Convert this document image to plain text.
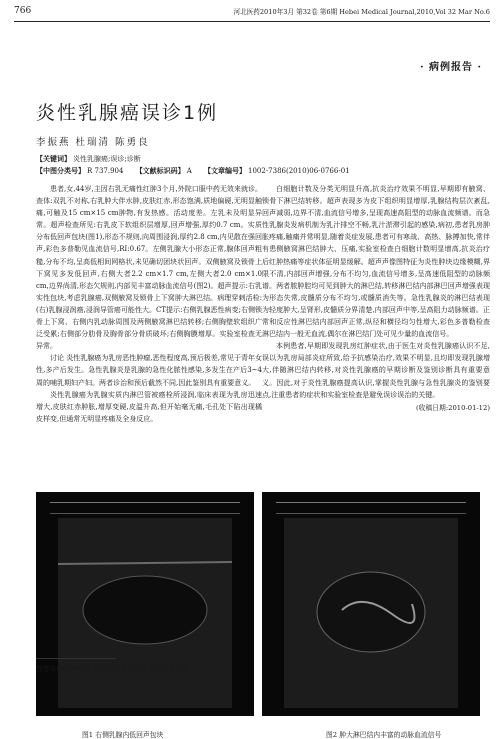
766	河北医药2010年3月 第32卷 第6期 Hebei Medical Journal,2010,Vol 32 Mar No.6
· 病例报告 ·
炎性乳腺癌误诊1例
李振燕 杜瑞清 陈勇良
【关键词】 炎性乳腺癌;误诊;诊断
【中图分类号】 R 737.904 【文献标识码】 A 【文章编号】 1002-7386(2010)06-0766-01

患者,女,44岁,主因右乳无痛性红肿3个月,外院口服中药无效来就诊。查体:双乳不对称,右乳肿大伴水肿,皮肤红赤,形态饱满,质地偏硬,无明显触痛,可触及15 cm×15 cm肿物,有发热感。活动度差。左乳未及明显异常。超声检查所见:右乳皮下软组织层增厚,回声增强,厚约0.7 cm。实质分布低回声包块(图1),形态不规则,向周围浸润,厚约2.8 cm,内见散在强回声,彩色多普勒见血流信号,RI:0.67。左侧乳腺大小形态正常,腺体回声粗糙,分布不均,呈高低相间网格状,未见确切团块状回声。双侧腋窝及锁骨上下窝见多发低回声,右侧大者2.2 cm×1.7 cm,左侧大者2.0 cm×1.0 cm,边界尚清,形态欠规则,内部见丰富动脉血流信号(图2)。超声提示:右乳实性包块,考虑乳腺癌,双侧腋窝及锁骨上下窝肿大淋巴结。病理穿刺活检:(右)乳腺浸润癌,浸润导管癌可能性大。CT提示:右侧乳腺恶性病变;右侧锁骨上下窝、右侧内乳动脉周围及两侧腋窝淋巴结转移;右侧胸壁软组织广泛受累;右侧部分肋骨及胸骨部分骨质破坏;右侧胸膜增厚。实验室检查无异常。

讨论 炎性乳腺癌为乳房恶性肿瘤,恶性程度高,预后极差,常见于青年女性,多产后发生。急性乳腺炎是乳腺的急性化脓性感染,多发生在产后3~4周的哺乳期妇产妇。两者诊治和预后截然不同,因此鉴别具有重要意义。

炎性乳腺癌为乳腺实质内淋巴管被癌栓所浸润,临床表现为乳房迅速增大,皮肤红赤肿胀,增厚变硬,皮温升高,但开始毫无痛,毛孔处下陷出现橘皮样变,但通常无明显疼痛及全身反应。

白细胞计数及分类无明显升高,抗炎治疗效果不明显,早期即有腋窝、锁骨下淋巴结转移。超声表现多为皮下组织明显增厚,乳腺结构层次紊乱,回声减弱,边界不清,血流信号增多,呈现高速高阻型的动脉血流频谱。而急性乳腺炎发病机制为乳汁排空不畅,乳汁淤滞引起的感染,病初,患者乳房肿胀疼痛,触痛并常明显,随着炎症发展,患者可有寒战、高热、脉搏加快,常伴有患侧腋窝淋巴结肿大、压痛,实验室检查白细胞计数明显增高,抗炎治疗后红肿热痛等症状体征明显缓解。超声声像图特征为炎性肿块边缘模糊,界限不清,内部回声增强,分布不均匀,血流信号增多,呈高速低阻型的动脉频谱。两者脓肿腔均可见到肿大的淋巴结,转移淋巴结内部淋巴回声增强表现为形态失常,皮髓质分布不均匀,或髓质消失等。急性乳腺炎的淋巴结表现为轻度肿大,呈肾形,皮髓质分界清楚,内部回声中等,呈高阻力动脉频谱。正常和反应性淋巴结内部回声正常,纵径和横径均匀性增大,彩色多普勒检查淋巴结内一般无血流,偶尔在淋巴结门处可见少量的血流信号。

本例患者,早期即发现乳房红肿症状,由于医生对炎性乳腺癌认识不足,误以为乳房局部炎症所致,给予抗感染治疗,效果不明显,且均即发现乳腺增大,伴随淋巴结内转移,对炎性乳腺癌的早期诊断及鉴别诊断具有重要意义。因此,对于炎性乳腺癌提高认识,掌握炎性乳腺与急性乳腺炎的鉴别要点,注重患者的症状和实验室检查是避免误诊误治的关键。

(收稿日期:2010-01-12)
图1 右侧乳腺内低回声包块	图2 肿大淋巴结内丰富的动脉血流信号
作者单位:050021 河北省石家庄市第五医院影像科
